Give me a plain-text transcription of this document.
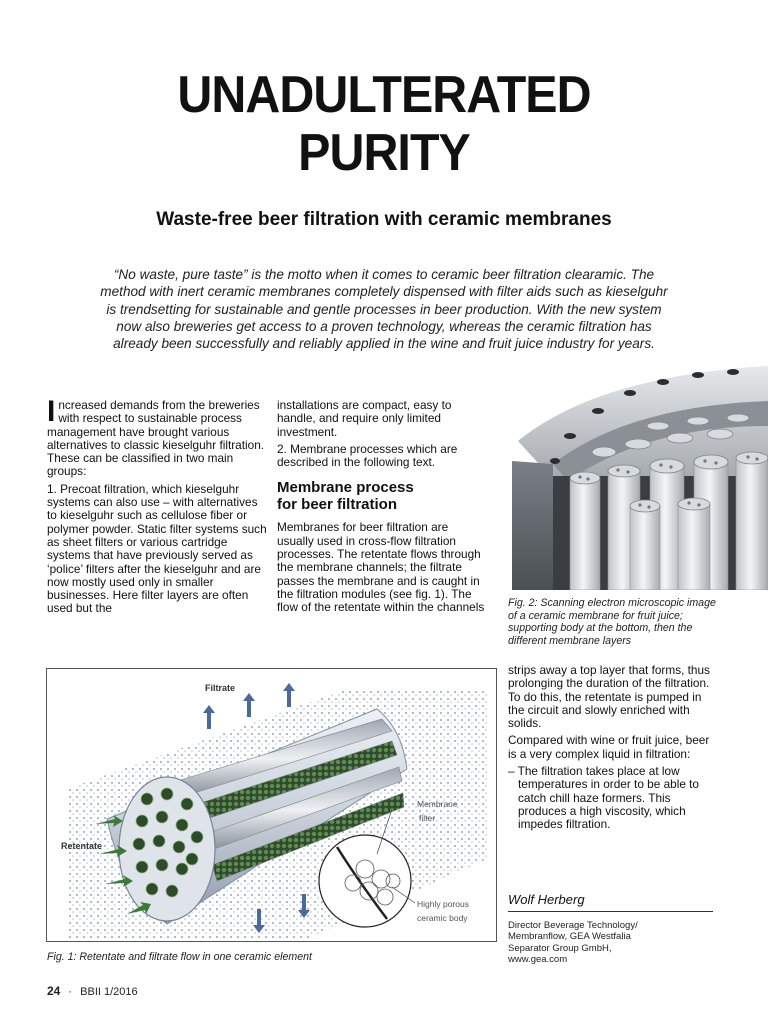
UNADULTERATED
PURITY
Waste-free beer filtration with ceramic membranes
“No waste, pure taste” is the motto when it comes to ceramic beer filtration clearamic. The method with inert ceramic membranes completely dispensed with filter aids such as kieselguhr is trendsetting for sustainable and gentle processes in beer production. With the new system now also breweries get access to a proven technology, whereas the ceramic filtration has already been successfully and reliably applied in the wine and fruit juice industry for years.

Increased demands from the breweries with respect to sustainable process management have brought various alternatives to classic kieselguhr filtration. These can be classified in two main groups:

1. Precoat filtration, which kieselguhr systems can also use – with alternatives to kieselguhr such as cellulose fiber or polymer powder. Static filter systems such as sheet filters or various cartridge systems that have previously served as ‘police’ filters after the kieselguhr and are now mostly used only in smaller businesses. Here filter layers are often used but the

installations are compact, easy to handle, and require only limited investment.

2. Membrane processes which are described in the following text.

Membrane process
for beer filtration

Membranes for beer filtration are usually used in cross-flow filtration processes. The retentate flows through the membrane channels; the filtrate passes the membrane and is caught in the filtration modules (see fig. 1). The flow of the retentate within the channels Fig. 2: Scanning electron microscopic image of a ceramic membrane for fruit juice; supporting body at the bottom, then the different membrane layers

strips away a top layer that forms, thus prolonging the duration of the filtration. To do this, the retentate is pumped in the circuit and slowly enriched with solids.

Compared with wine or fruit juice, beer is a very complex liquid in filtration:

– The filtration takes place at low temperatures in order to be able to catch chill haze formers. This produces a high viscosity, which impedes filtration.

Filtrate
Retentate
Membrane
filter
Highly porous
ceramic body
Fig. 1: Retentate and filtrate flow in one ceramic element
Wolf Herberg
Director Beverage Technology/
Membranflow, GEA Westfalia
Separator Group GmbH,
www.gea.com
24 · BBII 1/2016
